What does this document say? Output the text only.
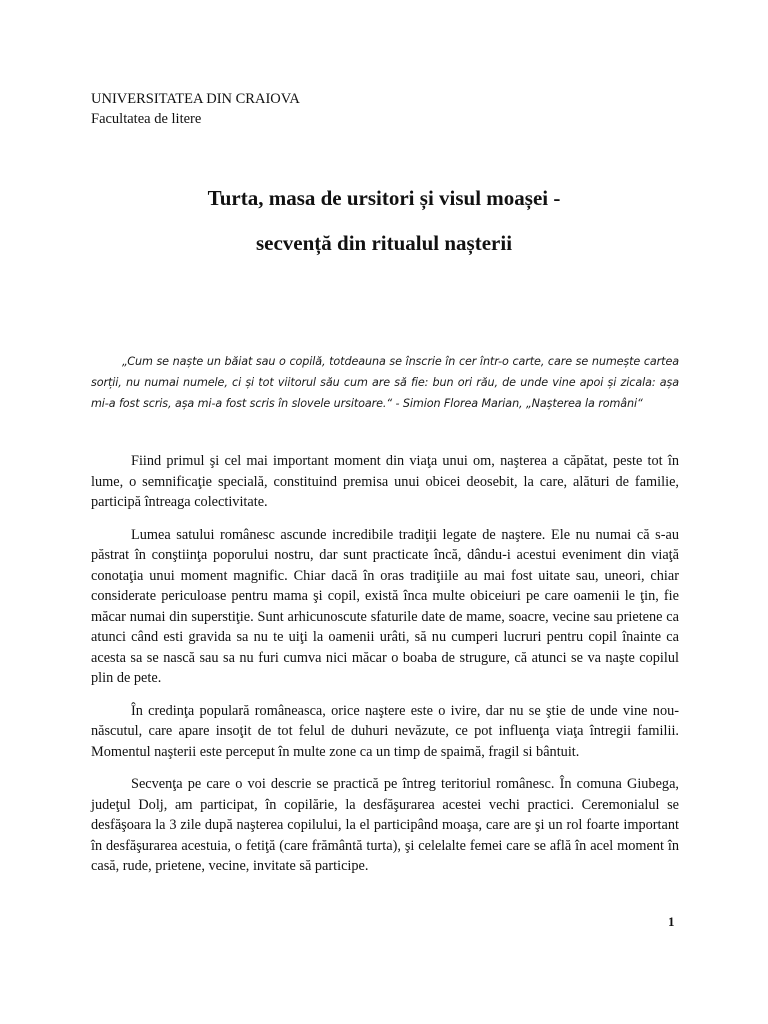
UNIVERSITATEA DIN CRAIOVA
Facultatea de litere
Turta, masa de ursitori și visul moașei -
secvență din ritualul nașterii
„Cum se naște un băiat sau o copilă, totdeauna se înscrie în cer într-o carte, care se numește cartea sorții, nu numai numele, ci și tot viitorul său cum are să fie: bun ori rău, de unde vine apoi și zicala: așa mi-a fost scris, așa mi-a fost scris în slovele ursitoare.“ - Simion Florea Marian, „Nașterea la români“

Fiind primul şi cel mai important moment din viaţa unui om, naşterea a căpătat, peste tot în lume, o semnificaţie specială, constituind premisa unui obicei deosebit, la care, alături de familie, participă întreaga colectivitate.

Lumea satului românesc ascunde incredibile tradiţii legate de naştere. Ele nu numai că s-au păstrat în conştiinţa poporului nostru, dar sunt practicate încă, dându-i acestui eveniment din viaţă conotaţia unui moment magnific. Chiar dacă în oras tradiţiile au mai fost uitate sau, uneori, chiar considerate periculoase pentru mama şi copil, există înca multe obiceiuri pe care oamenii le ţin, fie măcar numai din superstiţie. Sunt arhicunoscute sfaturile date de mame, soacre, vecine sau prietene ca atunci când esti gravida sa nu te uiţi la oamenii urâti, să nu cumperi lucruri pentru copil înainte ca acesta sa se nască sau sa nu furi cumva nici măcar o boaba de strugure, că atunci se va naşte copilul plin de pete.

În credinţa populară româneasca, orice naştere este o ivire, dar nu se ştie de unde vine nou-născutul, care apare insoţit de tot felul de duhuri nevăzute, ce pot influenţa viaţa întregii familii. Momentul naşterii este perceput în multe zone ca un timp de spaimă, fragil si bântuit.

Secvenţa pe care o voi descrie se practică pe întreg teritoriul românesc. În comuna Giubega, judeţul Dolj, am participat, în copilărie, la desfăşurarea acestei vechi practici. Ceremonialul se desfăşoara la 3 zile după naşterea copilului, la el participând moaşa, care are şi un rol foarte important în desfăşurarea acestuia, o fetiţă (care frământă turta), şi celelalte femei care se află în acel moment în casă, rude, prietene, vecine, invitate să participe.

1
